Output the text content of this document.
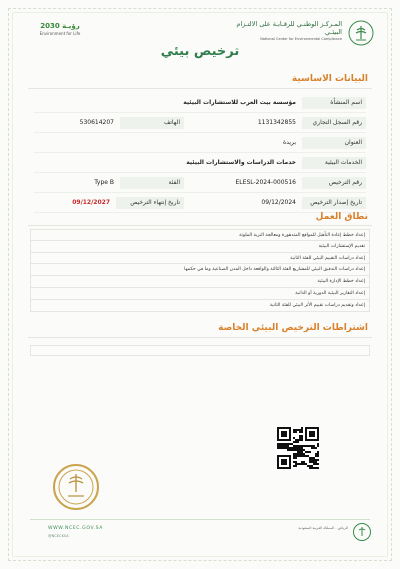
رؤيـة 2030
Environment for Life
المـركـز الوطنـي للرقـابـة على الالتـزام البيئـي
National Center for Environmental Compliance
ترخيص بيئي
البيانات الاساسية
اسم المنشأة
مؤسسة بيت العرب للاستشارات البيئية
رقم السجل التجاري
1131342855
الهاتف
530614207
العنوان
بريدة
الخدمات البيئية
خدمات الدراسات والاستشارات البيئية
رقم الترخيص
ELESL-2024-000516
الفئة
Type B
تاريخ إصدار الترخيص
09/12/2024
تاريخ إنتهاء الترخيص
09/12/2027
نطاق العمل
إعداد خطط إعادة التأهيل للمواقع المتدهورة ومعالجة التربة الملوثة
تقديم الإستشارات البيئية
إعداد دراسات التقييم البيئي للفئة الثانية
إعداد دراسات التدقيق البيئي للمشاريع الفئة الثالثة والواقعة داخل المدن الصناعية وما في حكمها
إعداد خطط الإدارة البيئية
إعداد التقارير البيئية الدورية أو الذاتية
إعداد وتقديم دراسات تقييم الأثر البيئي للفئة الثانية
اشتراطات الترخيص البيئي الخاصة
WWW.NCEC.GOV.SA
@NCECKSA
الرياض - المملكة العربية السعودية
